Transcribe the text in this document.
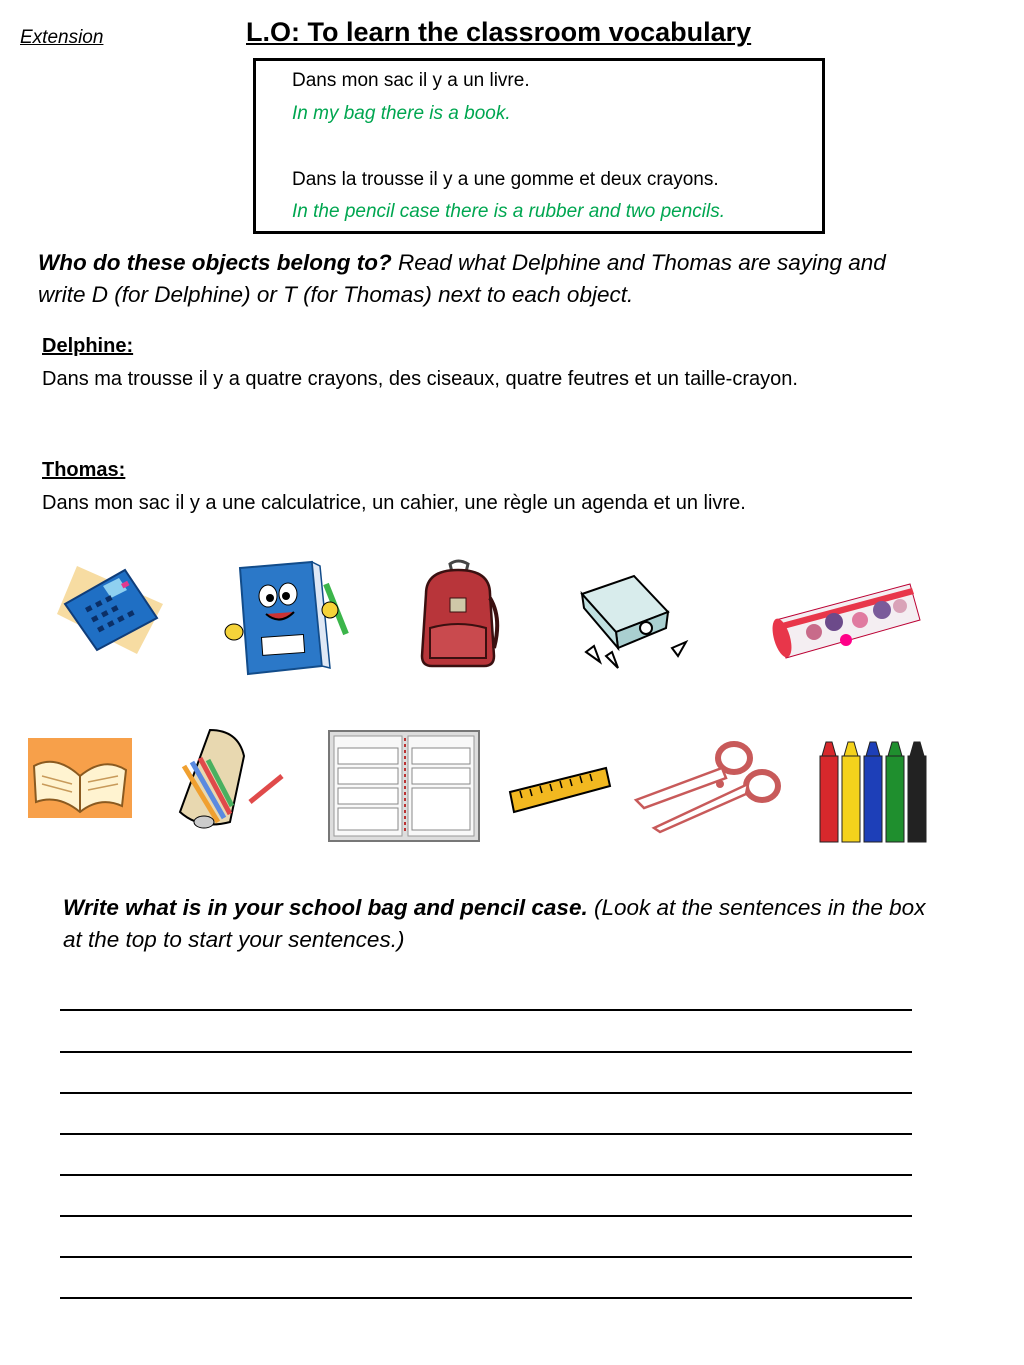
Extension	L.O: To learn the classroom vocabulary

Dans mon sac il y a un livre.

In my bag there is a book.

Dans la trousse il y a une gomme et deux crayons.

In the pencil case there is a rubber and two pencils.

Who do these objects belong to? Read what Delphine and Thomas are saying and write D (for Delphine) or T (for Thomas) next to each object.
Delphine:
Dans ma trousse il y a quatre crayons, des ciseaux, quatre feutres et un taille-crayon.
Thomas:
Dans mon sac il y a une calculatrice, un cahier, une règle un agenda et un livre.
Write what is in your school bag and pencil case. (Look at the sentences in the box at the top to start your sentences.)
